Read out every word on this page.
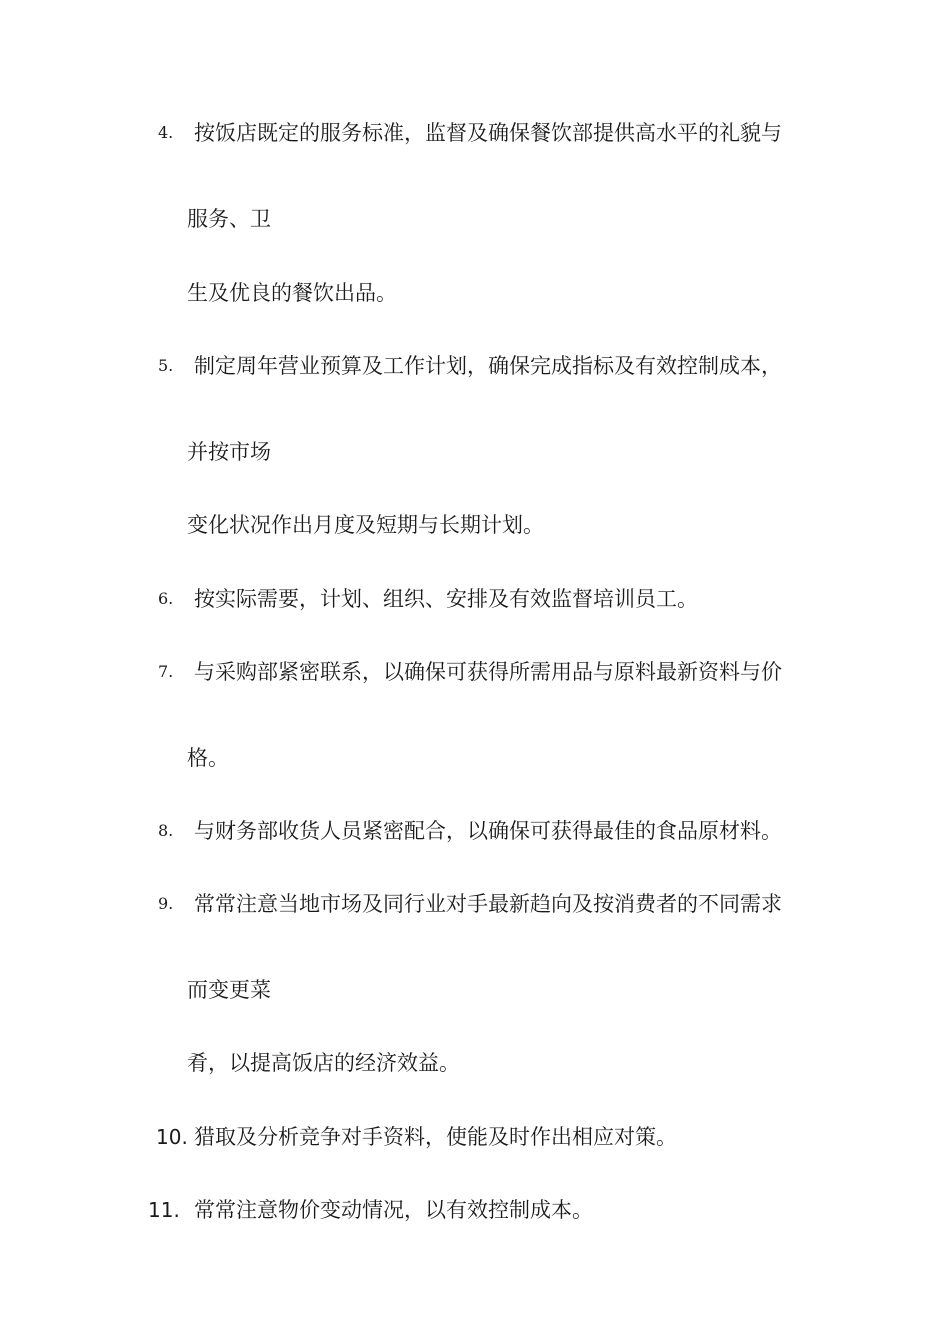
4. 按饭店既定的服务标准，监督及确保餐饮部提供高水平的礼貌与
服务、卫
生及优良的餐饮出品。
5. 制定周年营业预算及工作计划，确保完成指标及有效控制成本，
并按市场
变化状况作出月度及短期与长期计划。
6. 按实际需要，计划、组织、安排及有效监督培训员工。
7. 与采购部紧密联系，以确保可获得所需用品与原料最新资料与价
格。
8. 与财务部收货人员紧密配合，以确保可获得最佳的食品原材料。
9. 常常注意当地市场及同行业对手最新趋向及按消费者的不同需求
而变更菜
肴，以提高饭店的经济效益。
10. 猎取及分析竞争对手资料，使能及时作出相应对策。
11. 常常注意物价变动情况，以有效控制成本。
